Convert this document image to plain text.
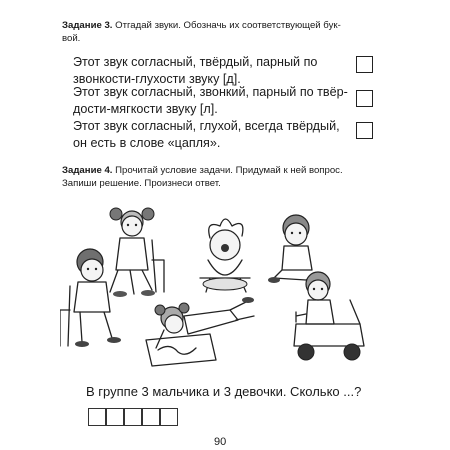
Задание 3. Отгадай звуки. Обозначь их соответствующей бук-
вой.
Этот звук согласный, твёрдый, парный по
звонкости-глухости звуку [д].
Этот звук согласный, звонкий, парный по твёр-
дости-мягкости звуку [л].
Этот звук согласный, глухой, всегда твёрдый,
он есть в слове «цапля».
Задание 4. Прочитай условие задачи. Придумай к ней вопрос.
Запиши решение. Произнеси ответ.
В группе 3 мальчика и 3 девочки. Сколько ...?
90
